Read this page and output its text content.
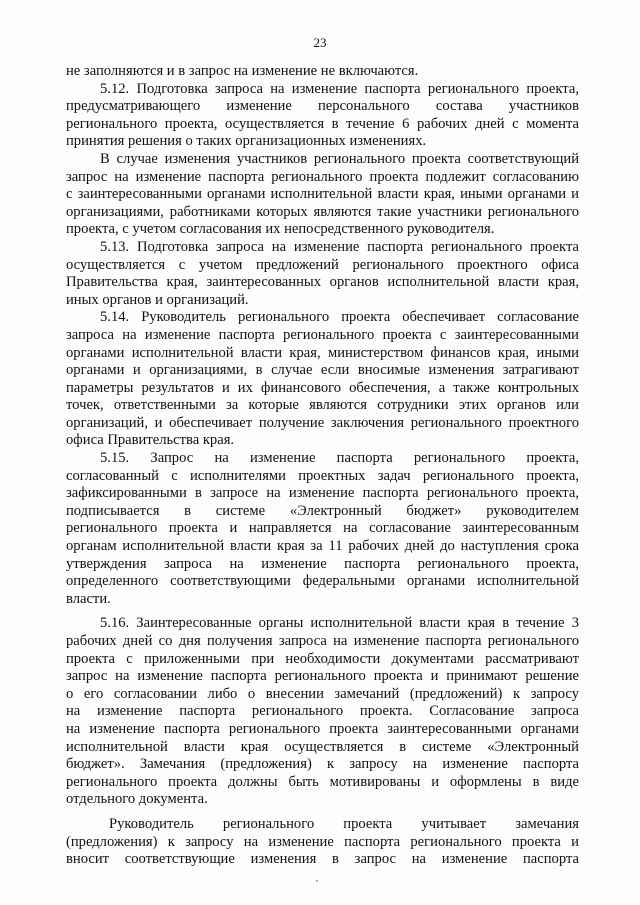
23
не заполняются и в запрос на изменение не включаются.
5.12. Подготовка запроса на изменение паспорта регионального проекта,
предусматривающего изменение персонального состава участников
регионального проекта, осуществляется в течение 6 рабочих дней с момента
принятия решения о таких организационных изменениях.
В случае изменения участников регионального проекта соответствующий
запрос на изменение паспорта регионального проекта подлежит согласованию
с заинтересованными органами исполнительной власти края, иными органами и
организациями, работниками которых являются такие участники регионального
проекта, с учетом согласования их непосредственного руководителя.
5.13. Подготовка запроса на изменение паспорта регионального проекта
осуществляется с учетом предложений регионального проектного офиса
Правительства края, заинтересованных органов исполнительной власти края,
иных органов и организаций.
5.14. Руководитель регионального проекта обеспечивает согласование
запроса на изменение паспорта регионального проекта с заинтересованными
органами исполнительной власти края, министерством финансов края, иными
органами и организациями, в случае если вносимые изменения затрагивают
параметры результатов и их финансового обеспечения, а также контрольных
точек, ответственными за которые являются сотрудники этих органов или
организаций, и обеспечивает получение заключения регионального проектного
офиса Правительства края.
5.15. Запрос на изменение паспорта регионального проекта,
согласованный с исполнителями проектных задач регионального проекта,
зафиксированными в запросе на изменение паспорта регионального проекта,
подписывается в системе «Электронный бюджет» руководителем
регионального проекта и направляется на согласование заинтересованным
органам исполнительной власти края за 11 рабочих дней до наступления срока
утверждения запроса на изменение паспорта регионального проекта,
определенного соответствующими федеральными органами исполнительной
власти.
5.16. Заинтересованные органы исполнительной власти края в течение 3
рабочих дней со дня получения запроса на изменение паспорта регионального
проекта с приложенными при необходимости документами рассматривают
запрос на изменение паспорта регионального проекта и принимают решение
о его согласовании либо о внесении замечаний (предложений) к запросу
на изменение паспорта регионального проекта. Согласование запроса
на изменение паспорта регионального проекта заинтересованными органами
исполнительной власти края осуществляется в системе «Электронный
бюджет». Замечания (предложения) к запросу на изменение паспорта
регионального проекта должны быть мотивированы и оформлены в виде
отдельного документа.
Руководитель регионального проекта учитывает замечания
(предложения) к запросу на изменение паспорта регионального проекта и
вносит соответствующие изменения в запрос на изменение паспорта
